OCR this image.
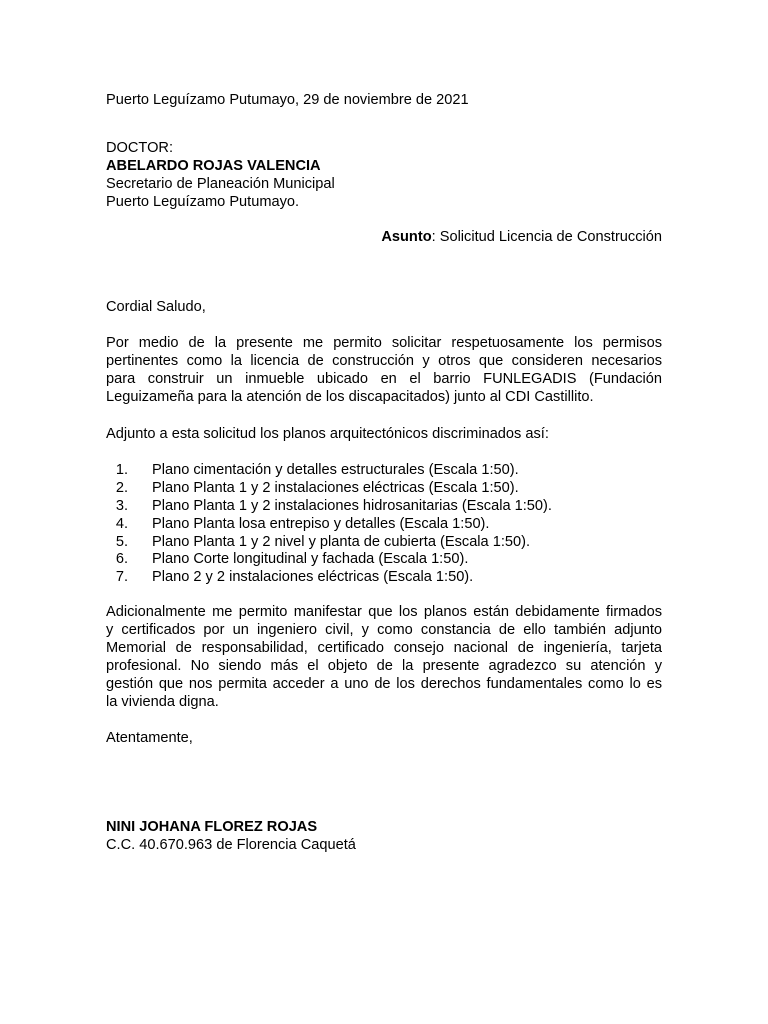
Puerto Leguízamo Putumayo, 29 de noviembre de 2021
DOCTOR:
ABELARDO ROJAS VALENCIA
Secretario de Planeación Municipal
Puerto Leguízamo Putumayo.
Asunto: Solicitud Licencia de Construcción
Cordial Saludo,
Por medio de la presente me permito solicitar respetuosamente los permisos
pertinentes como la licencia de construcción y otros que consideren necesarios
para construir un inmueble ubicado en el barrio FUNLEGADIS (Fundación
Leguizameña para la atención de los discapacitados) junto al CDI Castillito.
Adjunto a esta solicitud los planos arquitectónicos discriminados así:
1. Plano cimentación y detalles estructurales (Escala 1:50).
2. Plano Planta 1 y 2 instalaciones eléctricas (Escala 1:50).
3. Plano Planta 1 y 2 instalaciones hidrosanitarias (Escala 1:50).
4. Plano Planta losa entrepiso y detalles (Escala 1:50).
5. Plano Planta 1 y 2 nivel y planta de cubierta (Escala 1:50).
6. Plano Corte longitudinal y fachada (Escala 1:50).
7. Plano 2 y 2 instalaciones eléctricas (Escala 1:50).
Adicionalmente me permito manifestar que los planos están debidamente firmados
y certificados por un ingeniero civil, y como constancia de ello también adjunto
Memorial de responsabilidad, certificado consejo nacional de ingeniería, tarjeta
profesional. No siendo más el objeto de la presente agradezco su atención y
gestión que nos permita acceder a uno de los derechos fundamentales como lo es
la vivienda digna.
Atentamente,
NINI JOHANA FLOREZ ROJAS
C.C. 40.670.963 de Florencia Caquetá
